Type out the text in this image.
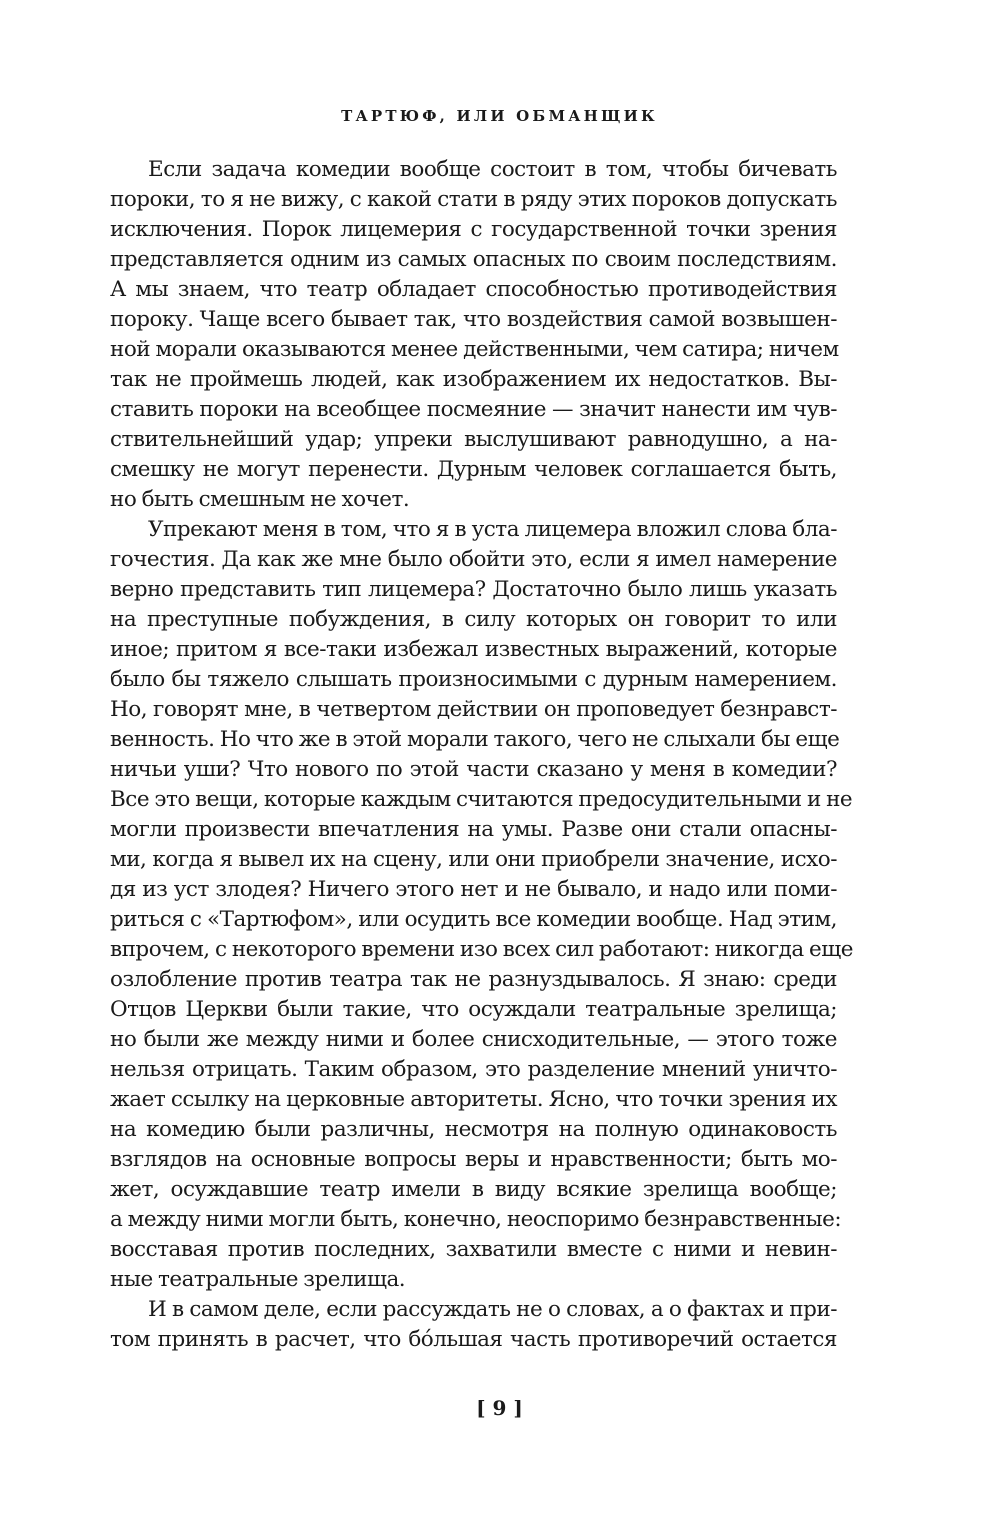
ТАРТЮФ, ИЛИ ОБМАНЩИК
Если задача комедии вообще состоит в том, чтобы бичевать
пороки, то я не вижу, с какой стати в ряду этих пороков допускать
исключения. Порок лицемерия с государственной точки зрения
представляется одним из самых опасных по своим последствиям.
А мы знаем, что театр обладает способностью противодействия
пороку. Чаще всего бывает так, что воздействия самой возвышен-
ной морали оказываются менее действенными, чем сатира; ничем
так не проймешь людей, как изображением их недостатков. Вы-
ставить пороки на всеобщее посмеяние — значит нанести им чув-
ствительнейший удар; упреки выслушивают равнодушно, а на-
смешку не могут перенести. Дурным человек соглашается быть,
но быть смешным не хочет.
Упрекают меня в том, что я в уста лицемера вложил слова бла-
гочестия. Да как же мне было обойти это, если я имел намерение
верно представить тип лицемера? Достаточно было лишь указать
на преступные побуждения, в силу которых он говорит то или
иное; притом я все-таки избежал известных выражений, которые
было бы тяжело слышать произносимыми с дурным намерением.
Но, говорят мне, в четвертом действии он проповедует безнравст-
венность. Но что же в этой морали такого, чего не слыхали бы еще
ничьи уши? Что нового по этой части сказано у меня в комедии?
Все это вещи, которые каждым считаются предосудительными и не
могли произвести впечатления на умы. Разве они стали опасны-
ми, когда я вывел их на сцену, или они приобрели значение, исхо-
дя из уст злодея? Ничего этого нет и не бывало, и надо или поми-
риться с «Тартюфом», или осудить все комедии вообще. Над этим,
впрочем, с некоторого времени изо всех сил работают: никогда еще
озлобление против театра так не разнуздывалось. Я знаю: среди
Отцов Церкви были такие, что осуждали театральные зрелища;
но были же между ними и более снисходительные, — этого тоже
нельзя отрицать. Таким образом, это разделение мнений уничто-
жает ссылку на церковные авторитеты. Ясно, что точки зрения их
на комедию были различны, несмотря на полную одинаковость
взглядов на основные вопросы веры и нравственности; быть мо-
жет, осуждавшие театр имели в виду всякие зрелища вообще;
а между ними могли быть, конечно, неоспоримо безнравственные:
восставая против последних, захватили вместе с ними и невин-
ные театральные зрелища.
И в самом деле, если рассуждать не о словах, а о фактах и при-
том принять в расчет, что бóльшая часть противоречий остается
[ 9 ]
